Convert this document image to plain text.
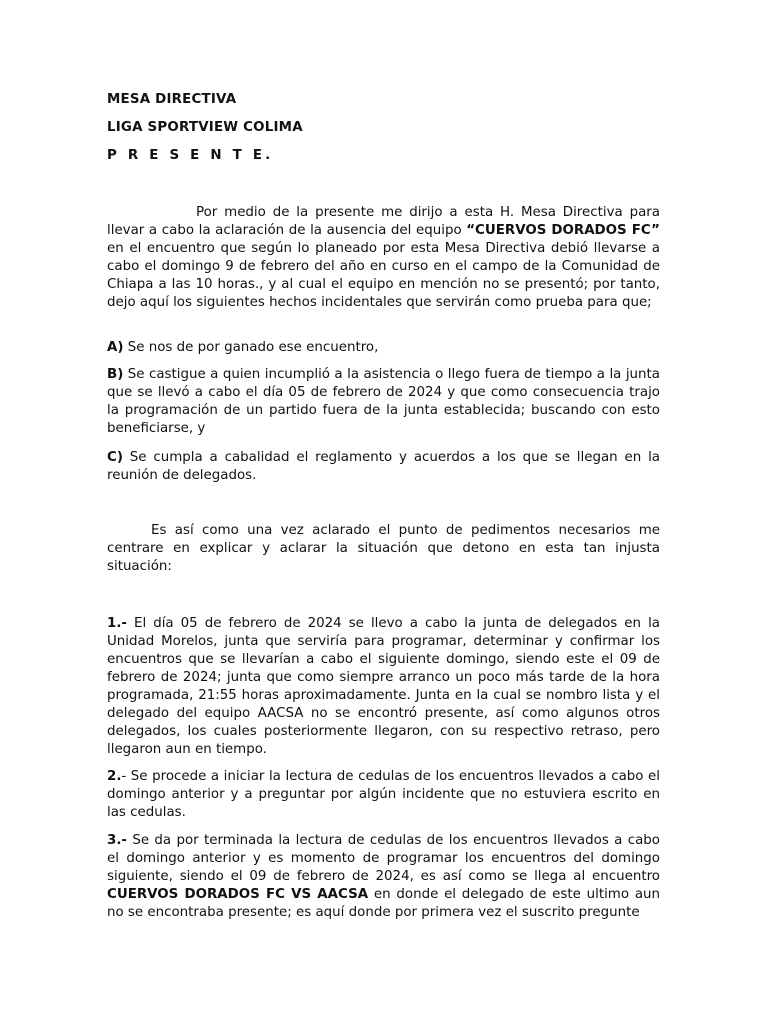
MESA DIRECTIVA
LIGA SPORTVIEW COLIMA
P R E S E N T E.
Por medio de la presente me dirijo a esta H. Mesa Directiva para llevar a cabo la aclaración de la ausencia del equipo “CUERVOS DORADOS FC” en el encuentro que según lo planeado por esta Mesa Directiva debió llevarse a cabo el domingo 9 de febrero del año en curso en el campo de la Comunidad de Chiapa a las 10 horas., y al cual el equipo en mención no se presentó; por tanto, dejo aquí los siguientes hechos incidentales que servirán como prueba para que;
A) Se nos de por ganado ese encuentro,
B) Se castigue a quien incumplió a la asistencia o llego fuera de tiempo a la junta que se llevó a cabo el día 05 de febrero de 2024 y que como consecuencia trajo la programación de un partido fuera de la junta establecida; buscando con esto beneficiarse, y
C) Se cumpla a cabalidad el reglamento y acuerdos a los que se llegan en la reunión de delegados.
Es así como una vez aclarado el punto de pedimentos necesarios me centrare en explicar y aclarar la situación que detono en esta tan injusta situación:
1.- El día 05 de febrero de 2024 se llevo a cabo la junta de delegados en la Unidad Morelos, junta que serviría para programar, determinar y confirmar los encuentros que se llevarían a cabo el siguiente domingo, siendo este el 09 de febrero de 2024; junta que como siempre arranco un poco más tarde de la hora programada, 21:55 horas aproximadamente. Junta en la cual se nombro lista y el delegado del equipo AACSA no se encontró presente, así como algunos otros delegados, los cuales posteriormente llegaron, con su respectivo retraso, pero llegaron aun en tiempo.
2.- Se procede a iniciar la lectura de cedulas de los encuentros llevados a cabo el domingo anterior y a preguntar por algún incidente que no estuviera escrito en las cedulas.
3.- Se da por terminada la lectura de cedulas de los encuentros llevados a cabo el domingo anterior y es momento de programar los encuentros del domingo siguiente, siendo el 09 de febrero de 2024, es así como se llega al encuentro CUERVOS DORADOS FC VS AACSA en donde el delegado de este ultimo aun no se encontraba presente; es aquí donde por primera vez el suscrito pregunte
